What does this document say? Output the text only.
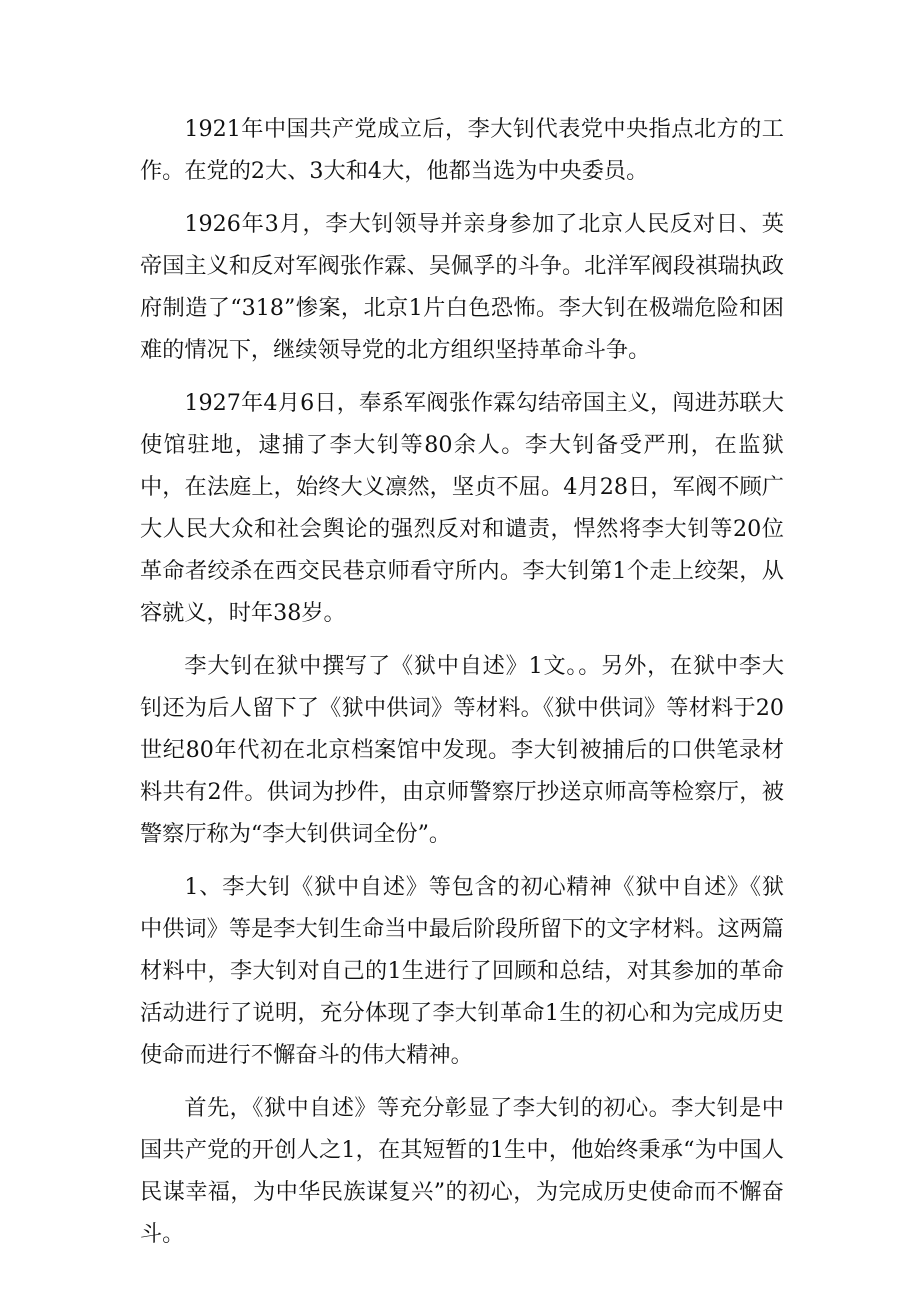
1921年中国共产党成立后，李大钊代表党中央指点北方的工作。在党的2大、3大和4大，他都当选为中央委员。

1926年3月，李大钊领导并亲身参加了北京人民反对日、英帝国主义和反对军阀张作霖、吴佩孚的斗争。北洋军阀段祺瑞执政府制造了“318”惨案，北京1片白色恐怖。李大钊在极端危险和困难的情况下，继续领导党的北方组织坚持革命斗争。

1927年4月6日，奉系军阀张作霖勾结帝国主义，闯进苏联大使馆驻地，逮捕了李大钊等80余人。李大钊备受严刑，在监狱中，在法庭上，始终大义凛然，坚贞不屈。4月28日，军阀不顾广大人民大众和社会舆论的强烈反对和谴责，悍然将李大钊等20位革命者绞杀在西交民巷京师看守所内。李大钊第1个走上绞架，从容就义，时年38岁。

李大钊在狱中撰写了《狱中自述》1文。。另外，在狱中李大钊还为后人留下了《狱中供词》等材料。《狱中供词》等材料于20世纪80年代初在北京档案馆中发现。李大钊被捕后的口供笔录材料共有2件。供词为抄件，由京师警察厅抄送京师高等检察厅，被警察厅称为“李大钊供词全份”。

1、李大钊《狱中自述》等包含的初心精神《狱中自述》《狱中供词》等是李大钊生命当中最后阶段所留下的文字材料。这两篇材料中，李大钊对自己的1生进行了回顾和总结，对其参加的革命活动进行了说明，充分体现了李大钊革命1生的初心和为完成历史使命而进行不懈奋斗的伟大精神。

首先，《狱中自述》等充分彰显了李大钊的初心。李大钊是中国共产党的开创人之1，在其短暂的1生中，他始终秉承“为中国人民谋幸福，为中华民族谋复兴”的初心，为完成历史使命而不懈奋斗。
